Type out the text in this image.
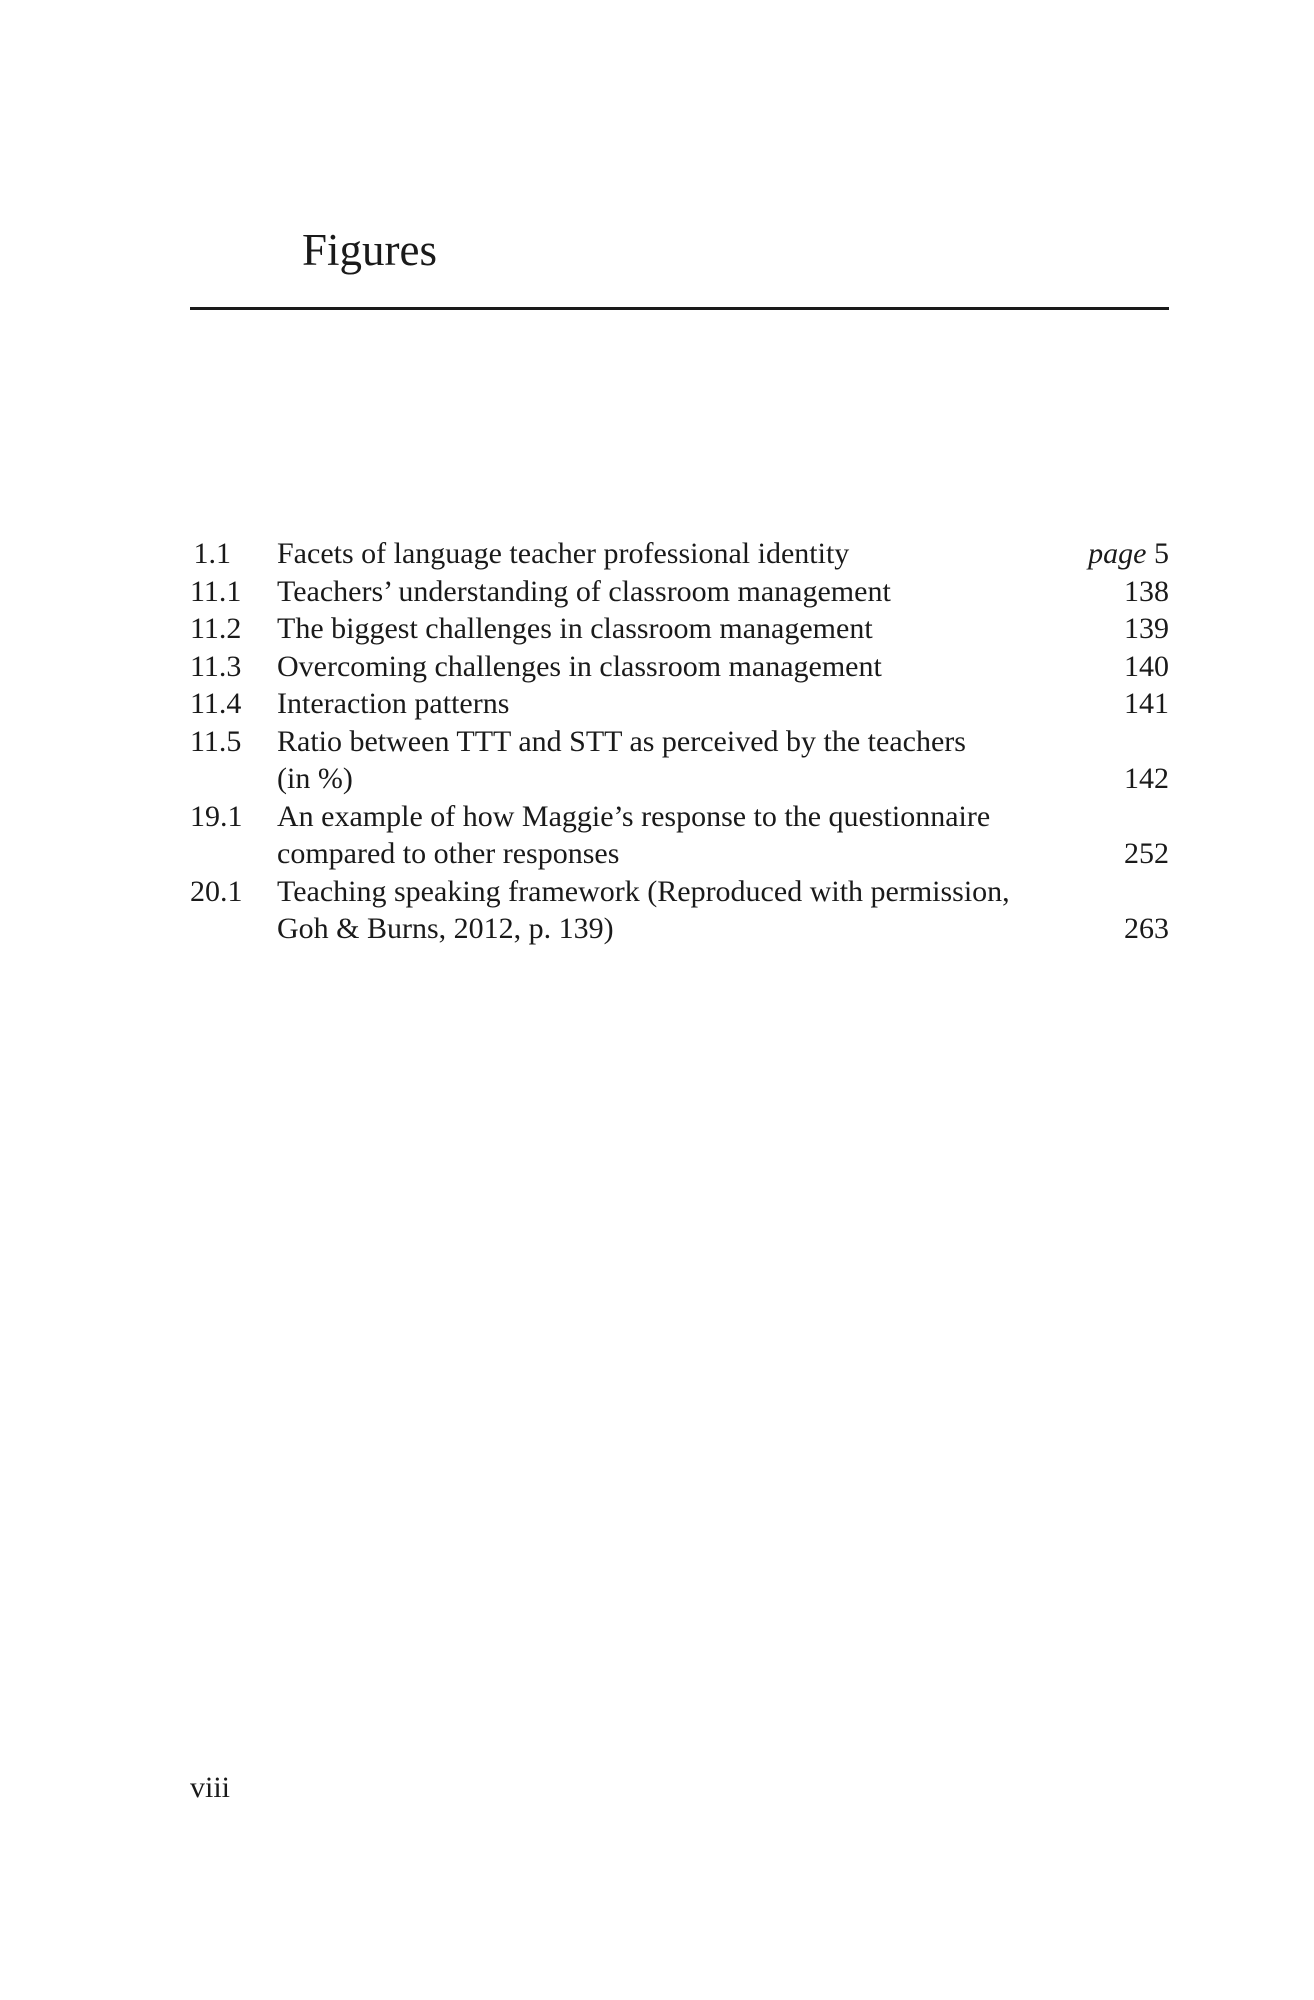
Figures
1.1 Facets of language teacher professional identity	page 5
11.1 Teachers’ understanding of classroom management	138
11.2 The biggest challenges in classroom management	139
11.3 Overcoming challenges in classroom management	140
11.4 Interaction patterns	141
11.5 Ratio between TTT and STT as perceived by the teachers
(in %)	142
19.1 An example of how Maggie’s response to the questionnaire
compared to other responses	252
20.1 Teaching speaking framework (Reproduced with permission,
Goh & Burns, 2012, p. 139)	263
viii
